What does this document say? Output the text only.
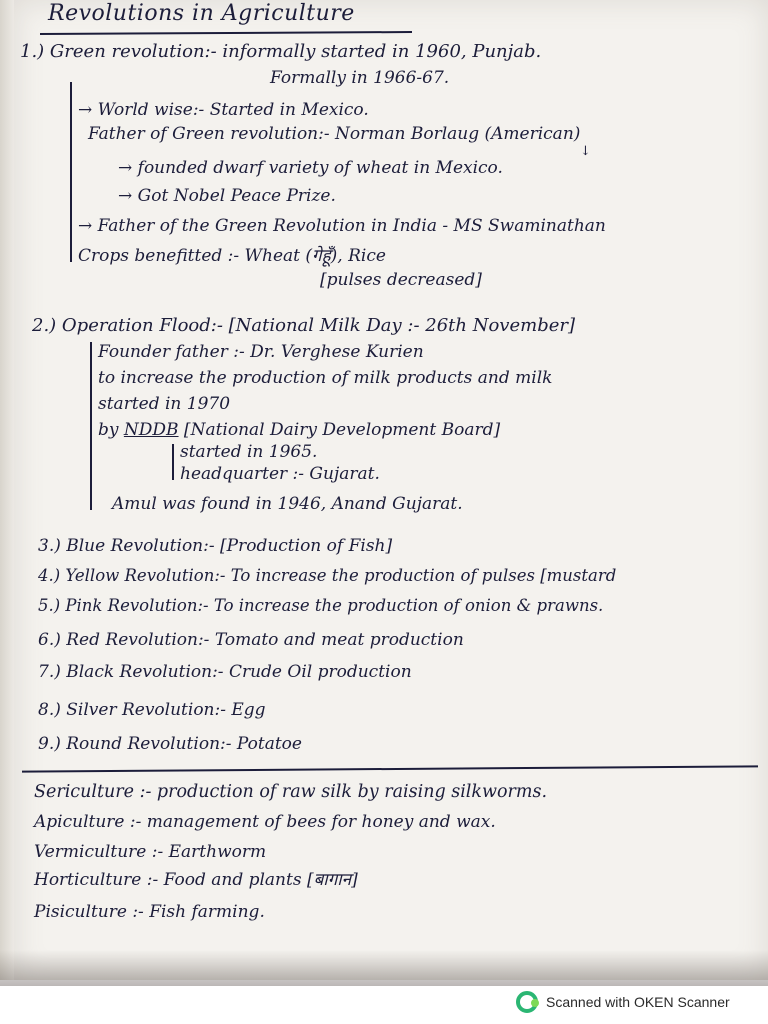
Revolutions in Agriculture
1.) Green revolution:- informally started in 1960, Punjab.
Formally in 1966-67.
→ World wise:- Started in Mexico.
Father of Green revolution:- Norman Borlaug (American)
↓
→ founded dwarf variety of wheat in Mexico.
→ Got Nobel Peace Prize.
→ Father of the Green Revolution in India - MS Swaminathan
Crops benefitted :- Wheat (गेहूँ), Rice
[pulses decreased]
2.) Operation Flood:- [National Milk Day :- 26th November]
Founder father :- Dr. Verghese Kurien
to increase the production of milk products and milk
started in 1970
by NDDB [National Dairy Development Board]
started in 1965.
headquarter :- Gujarat.
Amul was found in 1946, Anand Gujarat.
3.) Blue Revolution:- [Production of Fish]
4.) Yellow Revolution:- To increase the production of pulses [mustard
5.) Pink Revolution:- To increase the production of onion & prawns.
6.) Red Revolution:- Tomato and meat production
7.) Black Revolution:- Crude Oil production
8.) Silver Revolution:- Egg
9.) Round Revolution:- Potatoe
Sericulture :- production of raw silk by raising silkworms.
Apiculture :- management of bees for honey and wax.
Vermiculture :- Earthworm
Horticulture :- Food and plants [बागान]
Pisiculture :- Fish farming.
Scanned with OKEN Scanner
